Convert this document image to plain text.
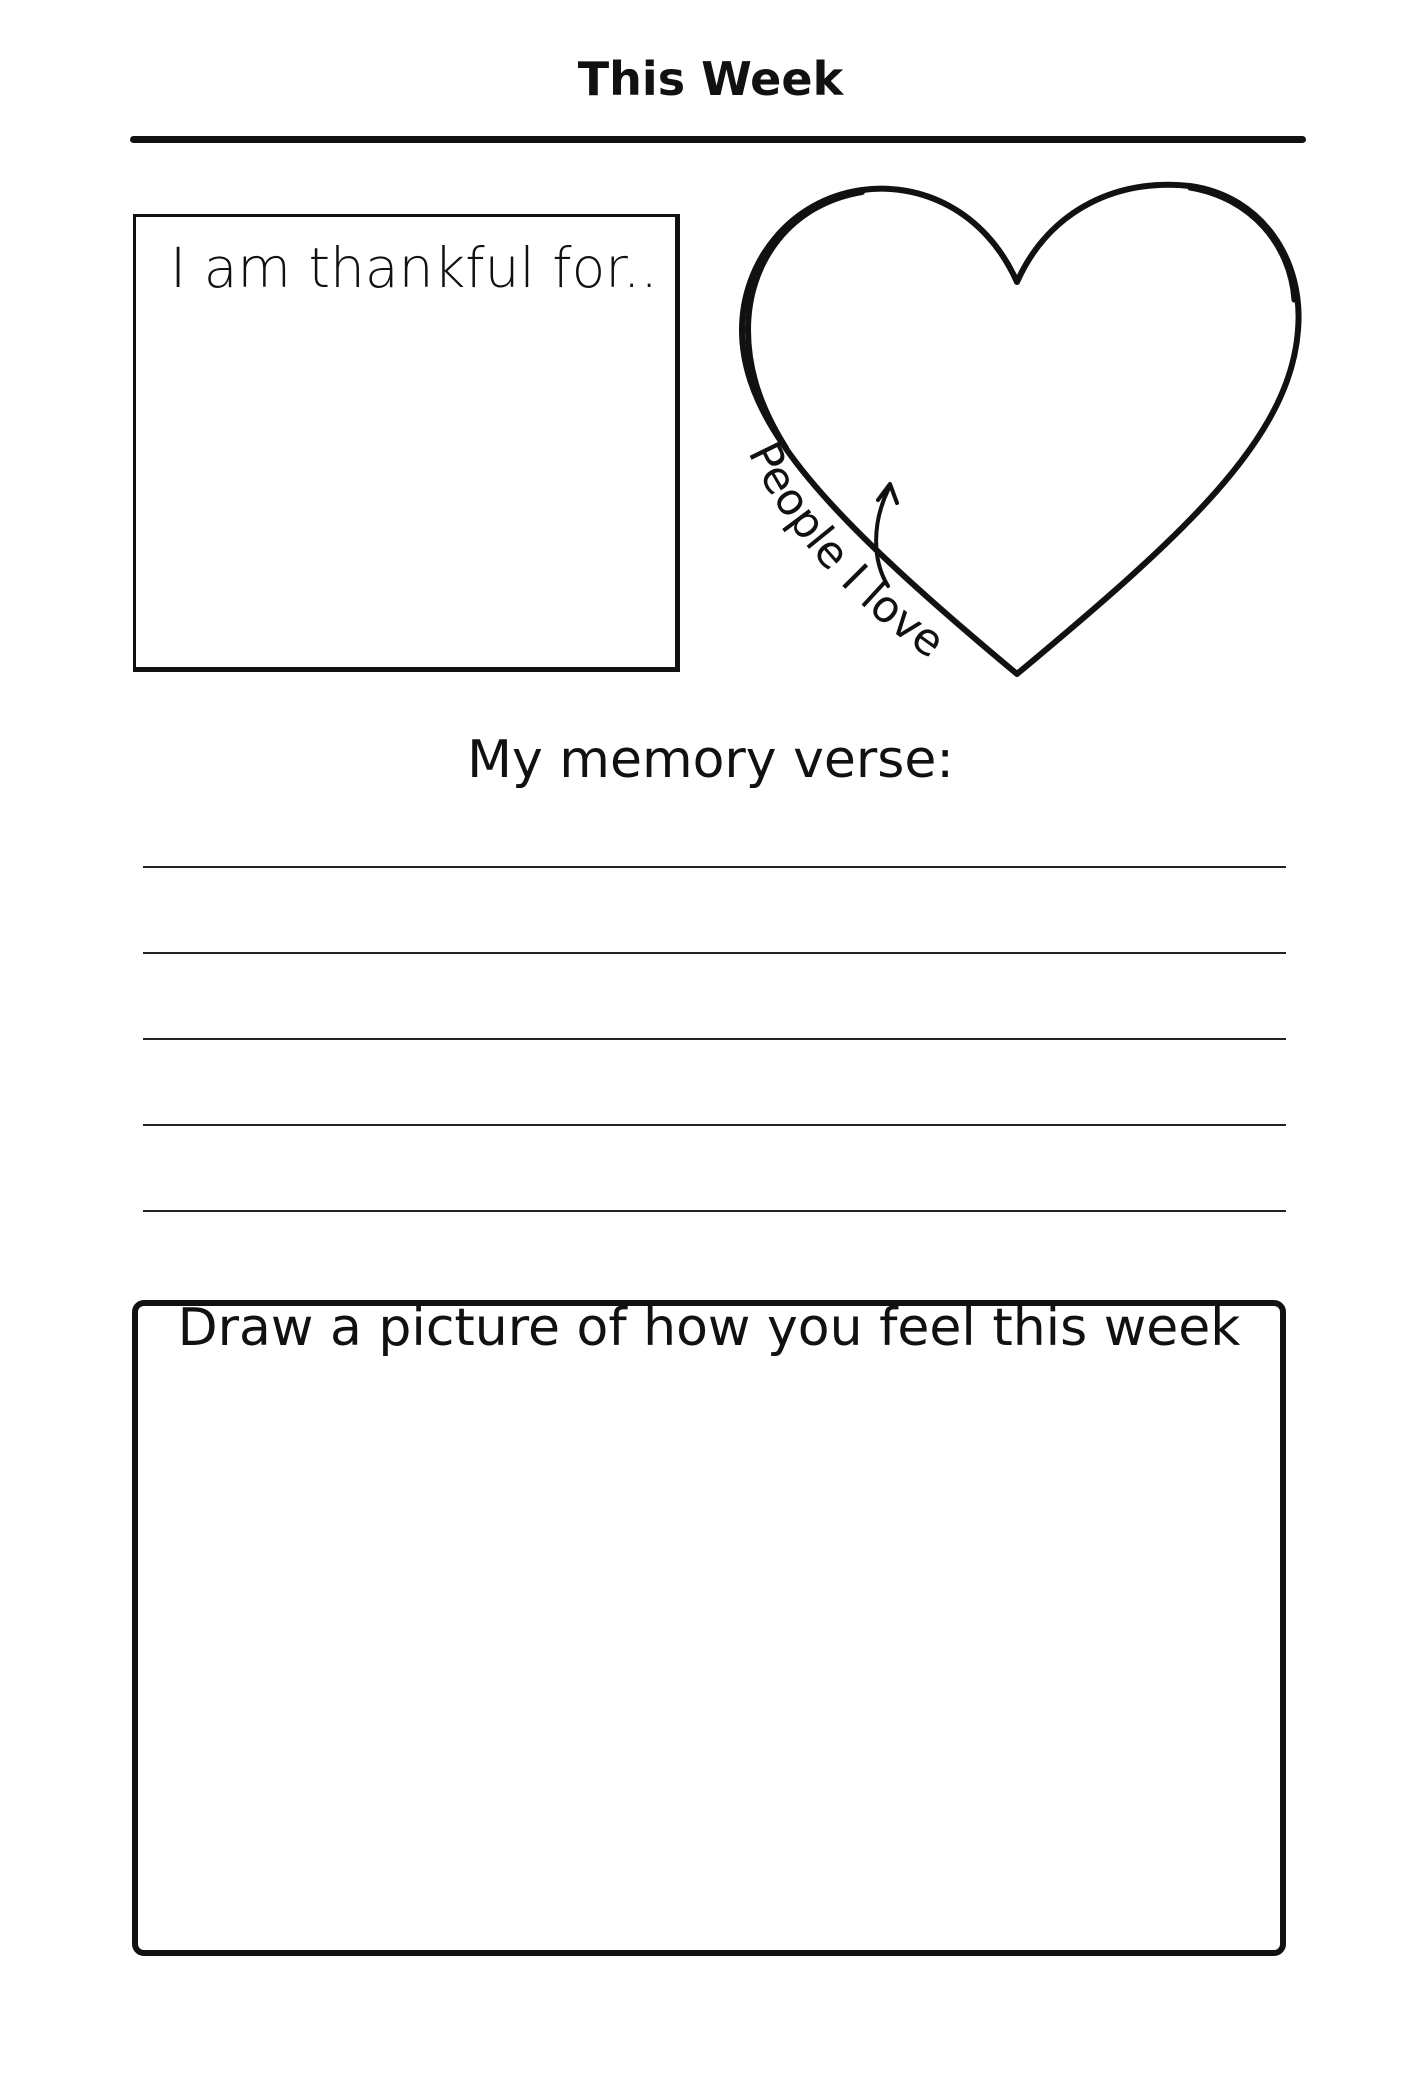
This Week
I am thankful for..
People I love
My memory verse:
Draw a picture of how you feel this week
